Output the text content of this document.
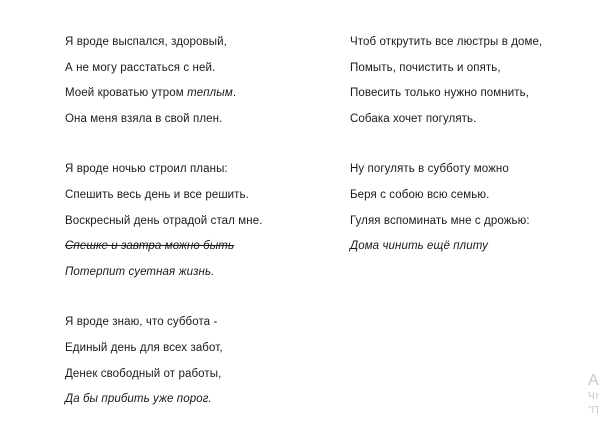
Я вроде выспался, здоровый,
А не могу расстаться с ней.
Моей кроватью утром теплым.
Она меня взяла в свой плен.
Я вроде ночью строил планы:
Спешить весь день и все решить.
Воскресный день отрадой стал мне.
Спешке и завтра можно быть
Потерпит суетная жизнь.
Я вроде знаю, что суббота -
Единый день для всех забот,
Денек свободный от работы,
Да бы прибить уже порог.
Чтоб открутить все люстры в доме,
Помыть, почистить и опять,
Повесить только нужно помнить,
Собака хочет погулять.
Ну погулять в субботу можно
Беря с собою всю семью.
Гуляя вспоминать мне с дрожью:
Дома чинить ещё плиту
А
Чт
"П
